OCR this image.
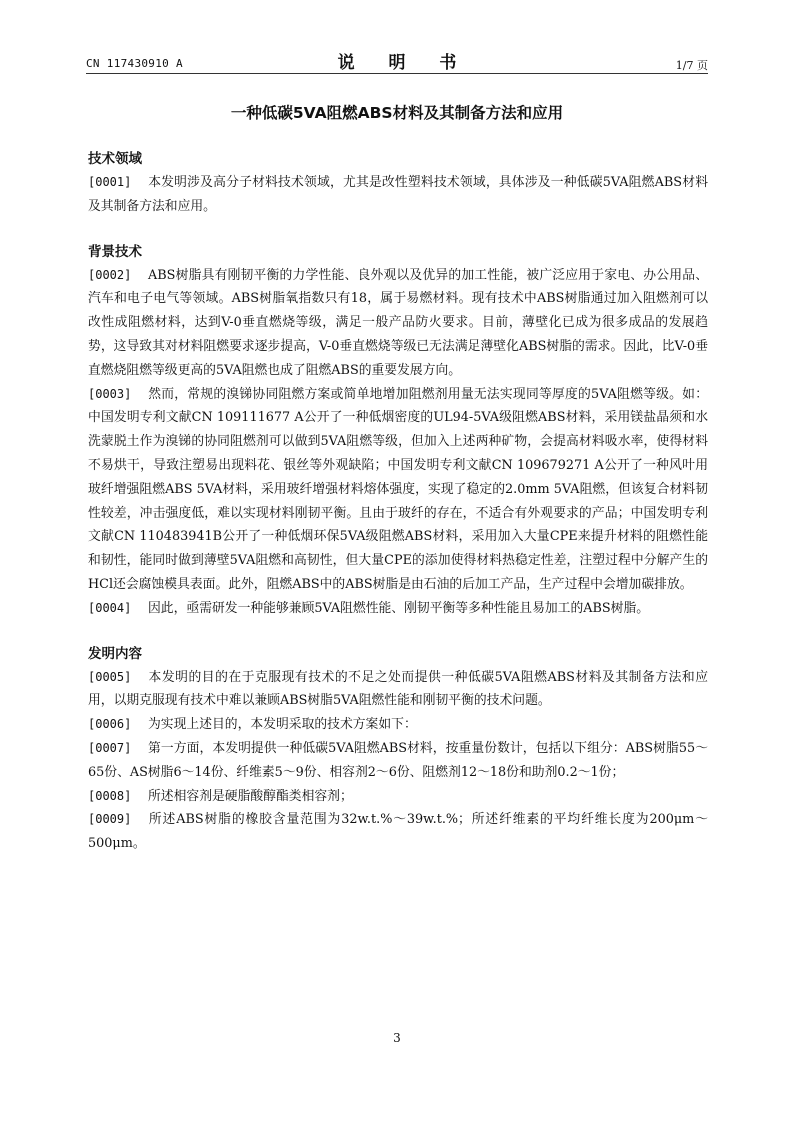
CN 117430910 A	说 明 书	1/7 页
一种低碳5VA阻燃ABS材料及其制备方法和应用
技术领域
[0001] 本发明涉及高分子材料技术领域，尤其是改性塑料技术领域，具体涉及一种低碳5VA阻燃ABS材料及其制备方法和应用。
背景技术
[0002] ABS树脂具有刚韧平衡的力学性能、良外观以及优异的加工性能，被广泛应用于家电、办公用品、汽车和电子电气等领域。ABS树脂氧指数只有18，属于易燃材料。现有技术中ABS树脂通过加入阻燃剂可以改性成阻燃材料，达到V-0垂直燃烧等级，满足一般产品防火要求。目前，薄壁化已成为很多成品的发展趋势，这导致其对材料阻燃要求逐步提高，V-0垂直燃烧等级已无法满足薄壁化ABS树脂的需求。因此，比V-0垂直燃烧阻燃等级更高的5VA阻燃也成了阻燃ABS的重要发展方向。
[0003] 然而，常规的溴锑协同阻燃方案或简单地增加阻燃剂用量无法实现同等厚度的5VA阻燃等级。如：中国发明专利文献CN 109111677 A公开了一种低烟密度的UL94-5VA级阻燃ABS材料，采用镁盐晶须和水洗蒙脱土作为溴锑的协同阻燃剂可以做到5VA阻燃等级，但加入上述两种矿物，会提高材料吸水率，使得材料不易烘干，导致注塑易出现料花、银丝等外观缺陷；中国发明专利文献CN 109679271 A公开了一种风叶用玻纤增强阻燃ABS 5VA材料，采用玻纤增强材料熔体强度，实现了稳定的2.0mm 5VA阻燃，但该复合材料韧性较差，冲击强度低，难以实现材料刚韧平衡。且由于玻纤的存在，不适合有外观要求的产品；中国发明专利文献CN 110483941B公开了一种低烟环保5VA级阻燃ABS材料，采用加入大量CPE来提升材料的阻燃性能和韧性，能同时做到薄壁5VA阻燃和高韧性，但大量CPE的添加使得材料热稳定性差，注塑过程中分解产生的HCl还会腐蚀模具表面。此外，阻燃ABS中的ABS树脂是由石油的后加工产品，生产过程中会增加碳排放。
[0004] 因此，亟需研发一种能够兼顾5VA阻燃性能、刚韧平衡等多种性能且易加工的ABS树脂。
发明内容
[0005] 本发明的目的在于克服现有技术的不足之处而提供一种低碳5VA阻燃ABS材料及其制备方法和应用，以期克服现有技术中难以兼顾ABS树脂5VA阻燃性能和刚韧平衡的技术问题。
[0006] 为实现上述目的，本发明采取的技术方案如下：
[0007] 第一方面，本发明提供一种低碳5VA阻燃ABS材料，按重量份数计，包括以下组分：ABS树脂55～65份、AS树脂6～14份、纤维素5～9份、相容剂2～6份、阻燃剂12～18份和助剂0.2～1份；
[0008] 所述相容剂是硬脂酸醇酯类相容剂；
[0009] 所述ABS树脂的橡胶含量范围为32w.t.%～39w.t.%；所述纤维素的平均纤维长度为200μm～500μm。
3
